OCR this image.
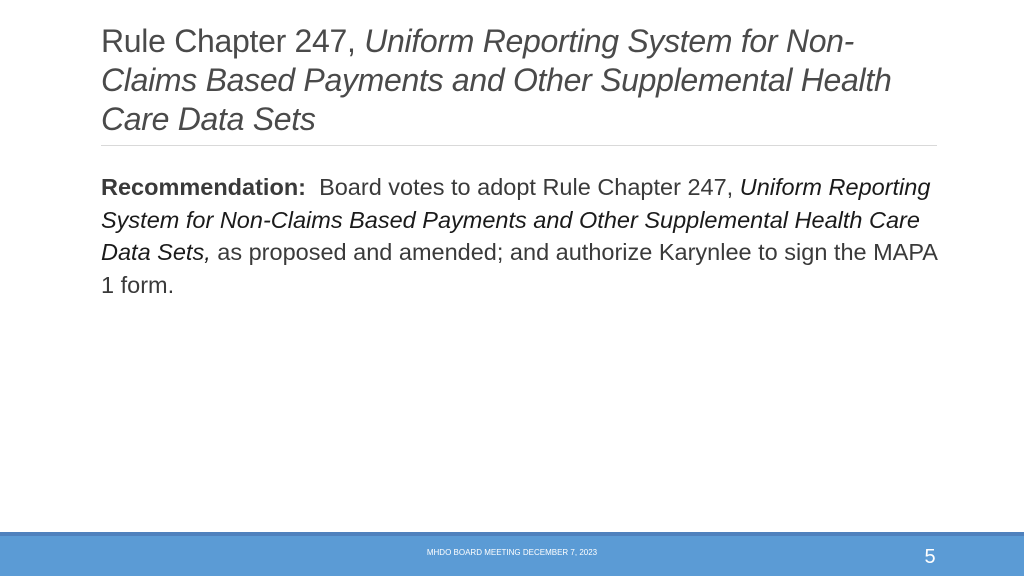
Rule Chapter 247, Uniform Reporting System for Non-Claims Based Payments and Other Supplemental Health Care Data Sets
Recommendation: Board votes to adopt Rule Chapter 247, Uniform Reporting System for Non-Claims Based Payments and Other Supplemental Health Care Data Sets, as proposed and amended; and authorize Karynlee to sign the MAPA 1 form.
MHDO BOARD MEETING DECEMBER 7, 2023	5
